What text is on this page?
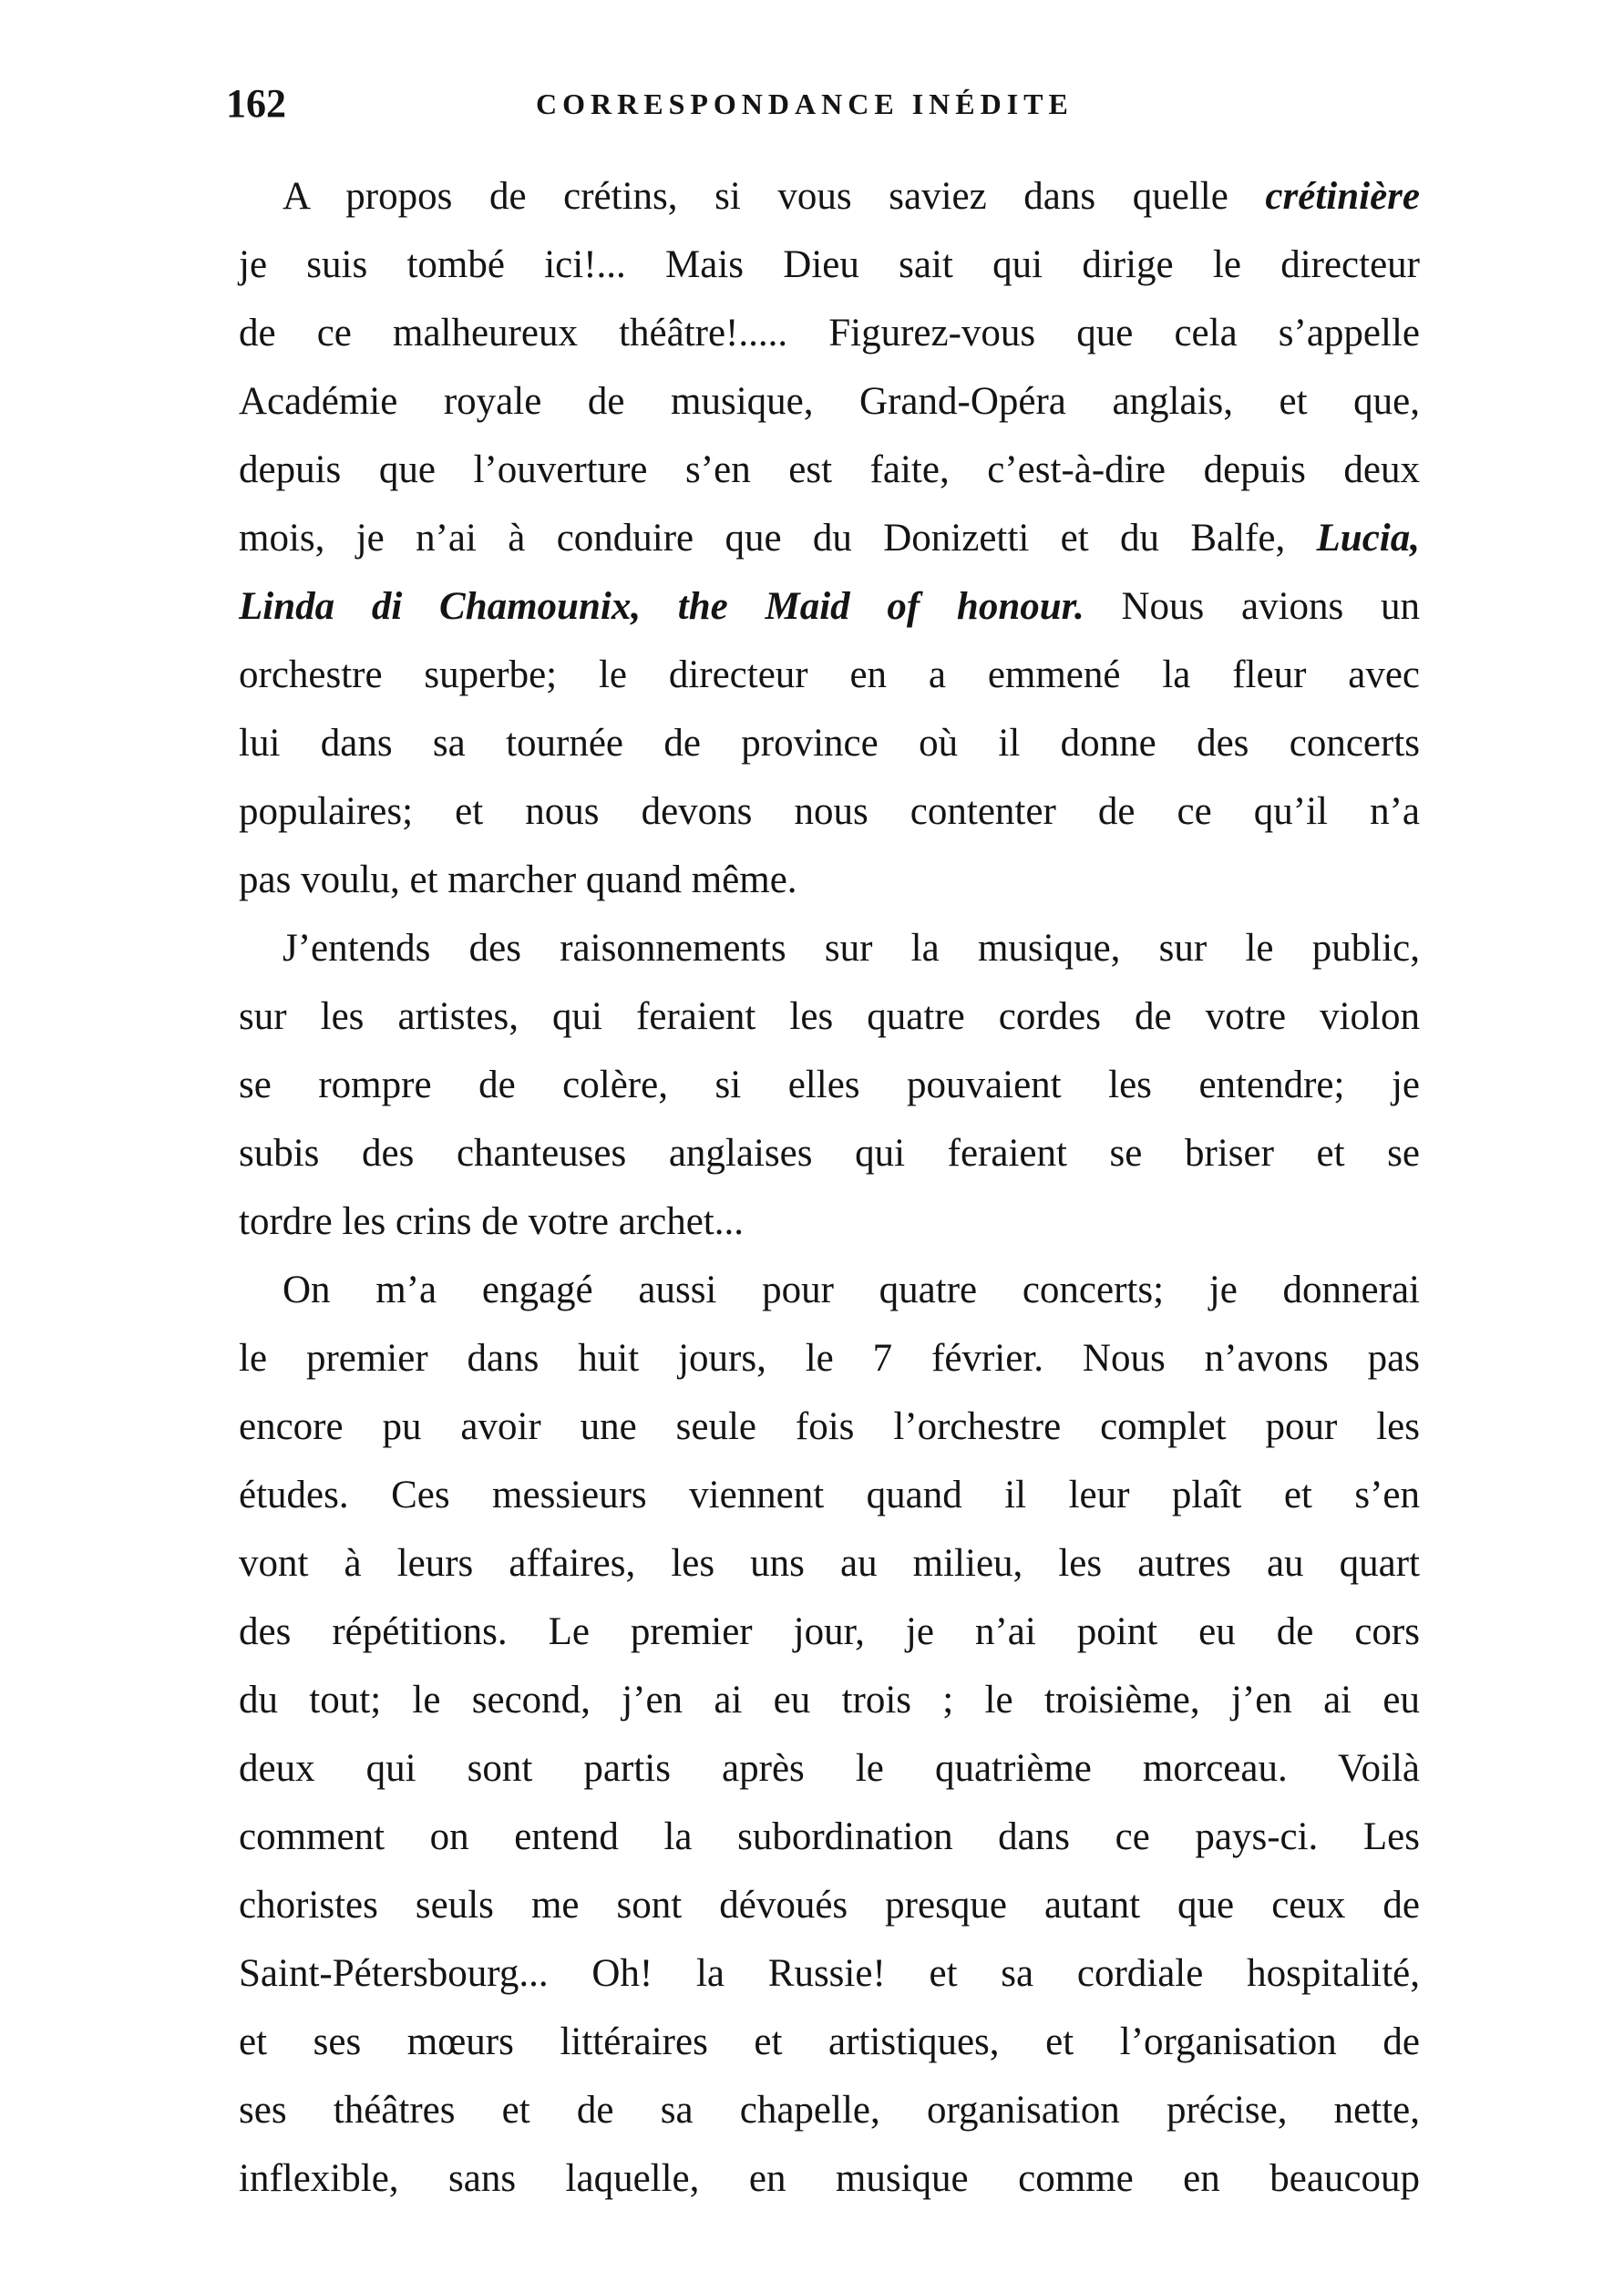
162	CORRESPONDANCE INÉDITE
A propos de crétins, si vous saviez dans quelle crétinière
je suis tombé ici!... Mais Dieu sait qui dirige le directeur
de ce malheureux théâtre!..... Figurez-vous que cela s’appelle
Académie royale de musique, Grand-Opéra anglais, et que,
depuis que l’ouverture s’en est faite, c’est-à-dire depuis deux
mois, je n’ai à conduire que du Donizetti et du Balfe, Lucia,
Linda di Chamounix, the Maid of honour. Nous avions un
orchestre superbe; le directeur en a emmené la fleur avec
lui dans sa tournée de province où il donne des concerts
populaires; et nous devons nous contenter de ce qu’il n’a
pas voulu, et marcher quand même.
J’entends des raisonnements sur la musique, sur le public,
sur les artistes, qui feraient les quatre cordes de votre violon
se rompre de colère, si elles pouvaient les entendre; je
subis des chanteuses anglaises qui feraient se briser et se
tordre les crins de votre archet...
On m’a engagé aussi pour quatre concerts; je donnerai
le premier dans huit jours, le 7 février. Nous n’avons pas
encore pu avoir une seule fois l’orchestre complet pour les
études. Ces messieurs viennent quand il leur plaît et s’en
vont à leurs affaires, les uns au milieu, les autres au quart
des répétitions. Le premier jour, je n’ai point eu de cors
du tout; le second, j’en ai eu trois ; le troisième, j’en ai eu
deux qui sont partis après le quatrième morceau. Voilà
comment on entend la subordination dans ce pays-ci. Les
choristes seuls me sont dévoués presque autant que ceux de
Saint-Pétersbourg... Oh! la Russie! et sa cordiale hospitalité,
et ses mœurs littéraires et artistiques, et l’organisation de
ses théâtres et de sa chapelle, organisation précise, nette,
inflexible, sans laquelle, en musique comme en beaucoup
